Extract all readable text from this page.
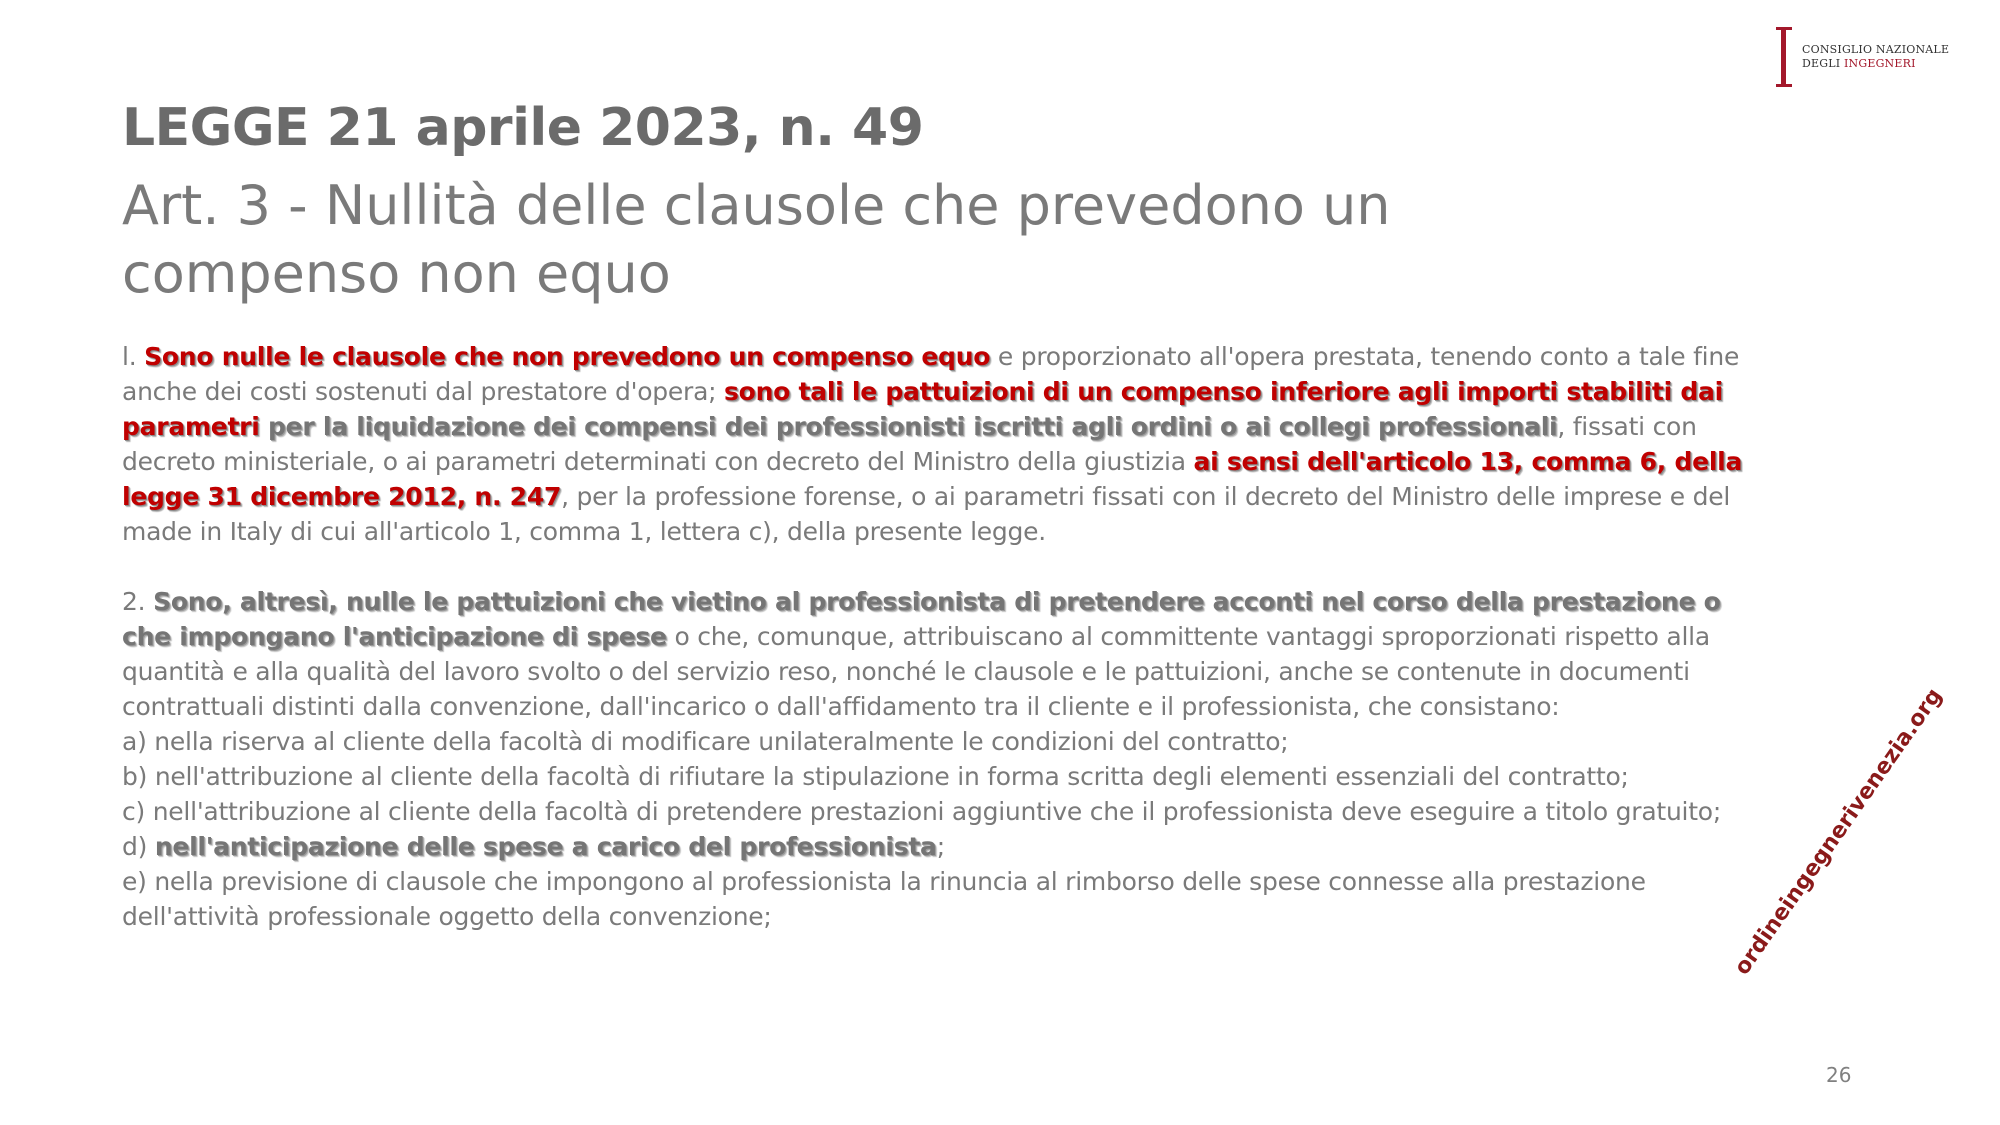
CONSIGLIO NAZIONALE
DEGLI INGEGNERI
LEGGE 21 aprile 2023, n. 49
Art. 3 - Nullità delle clausole che prevedono un compenso non equo

l. Sono nulle le clausole che non prevedono un compenso equo e proporzionato all'opera prestata, tenendo conto a tale fine anche dei costi sostenuti dal prestatore d'opera; sono tali le pattuizioni di un compenso inferiore agli importi stabiliti dai parametri per la liquidazione dei compensi dei professionisti iscritti agli ordini o ai collegi professionali, fissati con decreto ministeriale, o ai parametri determinati con decreto del Ministro della giustizia ai sensi dell'articolo 13, comma 6, della legge 31 dicembre 2012, n. 247, per la professione forense, o ai parametri fissati con il decreto del Ministro delle imprese e del made in Italy di cui all'articolo 1, comma 1, lettera c), della presente legge.

2. Sono, altresì, nulle le pattuizioni che vietino al professionista di pretendere acconti nel corso della prestazione o che impongano l'anticipazione di spese o che, comunque, attribuiscano al committente vantaggi sproporzionati rispetto alla quantità e alla qualità del lavoro svolto o del servizio reso, nonché le clausole e le pattuizioni, anche se contenute in documenti contrattuali distinti dalla convenzione, dall'incarico o dall'affidamento tra il cliente e il professionista, che consistano:

a) nella riserva al cliente della facoltà di modificare unilateralmente le condizioni del contratto;

b) nell'attribuzione al cliente della facoltà di rifiutare la stipulazione in forma scritta degli elementi essenziali del contratto;

c) nell'attribuzione al cliente della facoltà di pretendere prestazioni aggiuntive che il professionista deve eseguire a titolo gratuito;

d) nell'anticipazione delle spese a carico del professionista;

e) nella previsione di clausole che impongono al professionista la rinuncia al rimborso delle spese connesse alla prestazione dell'attività professionale oggetto della convenzione;	ordineingegnerivenezia.org
26
